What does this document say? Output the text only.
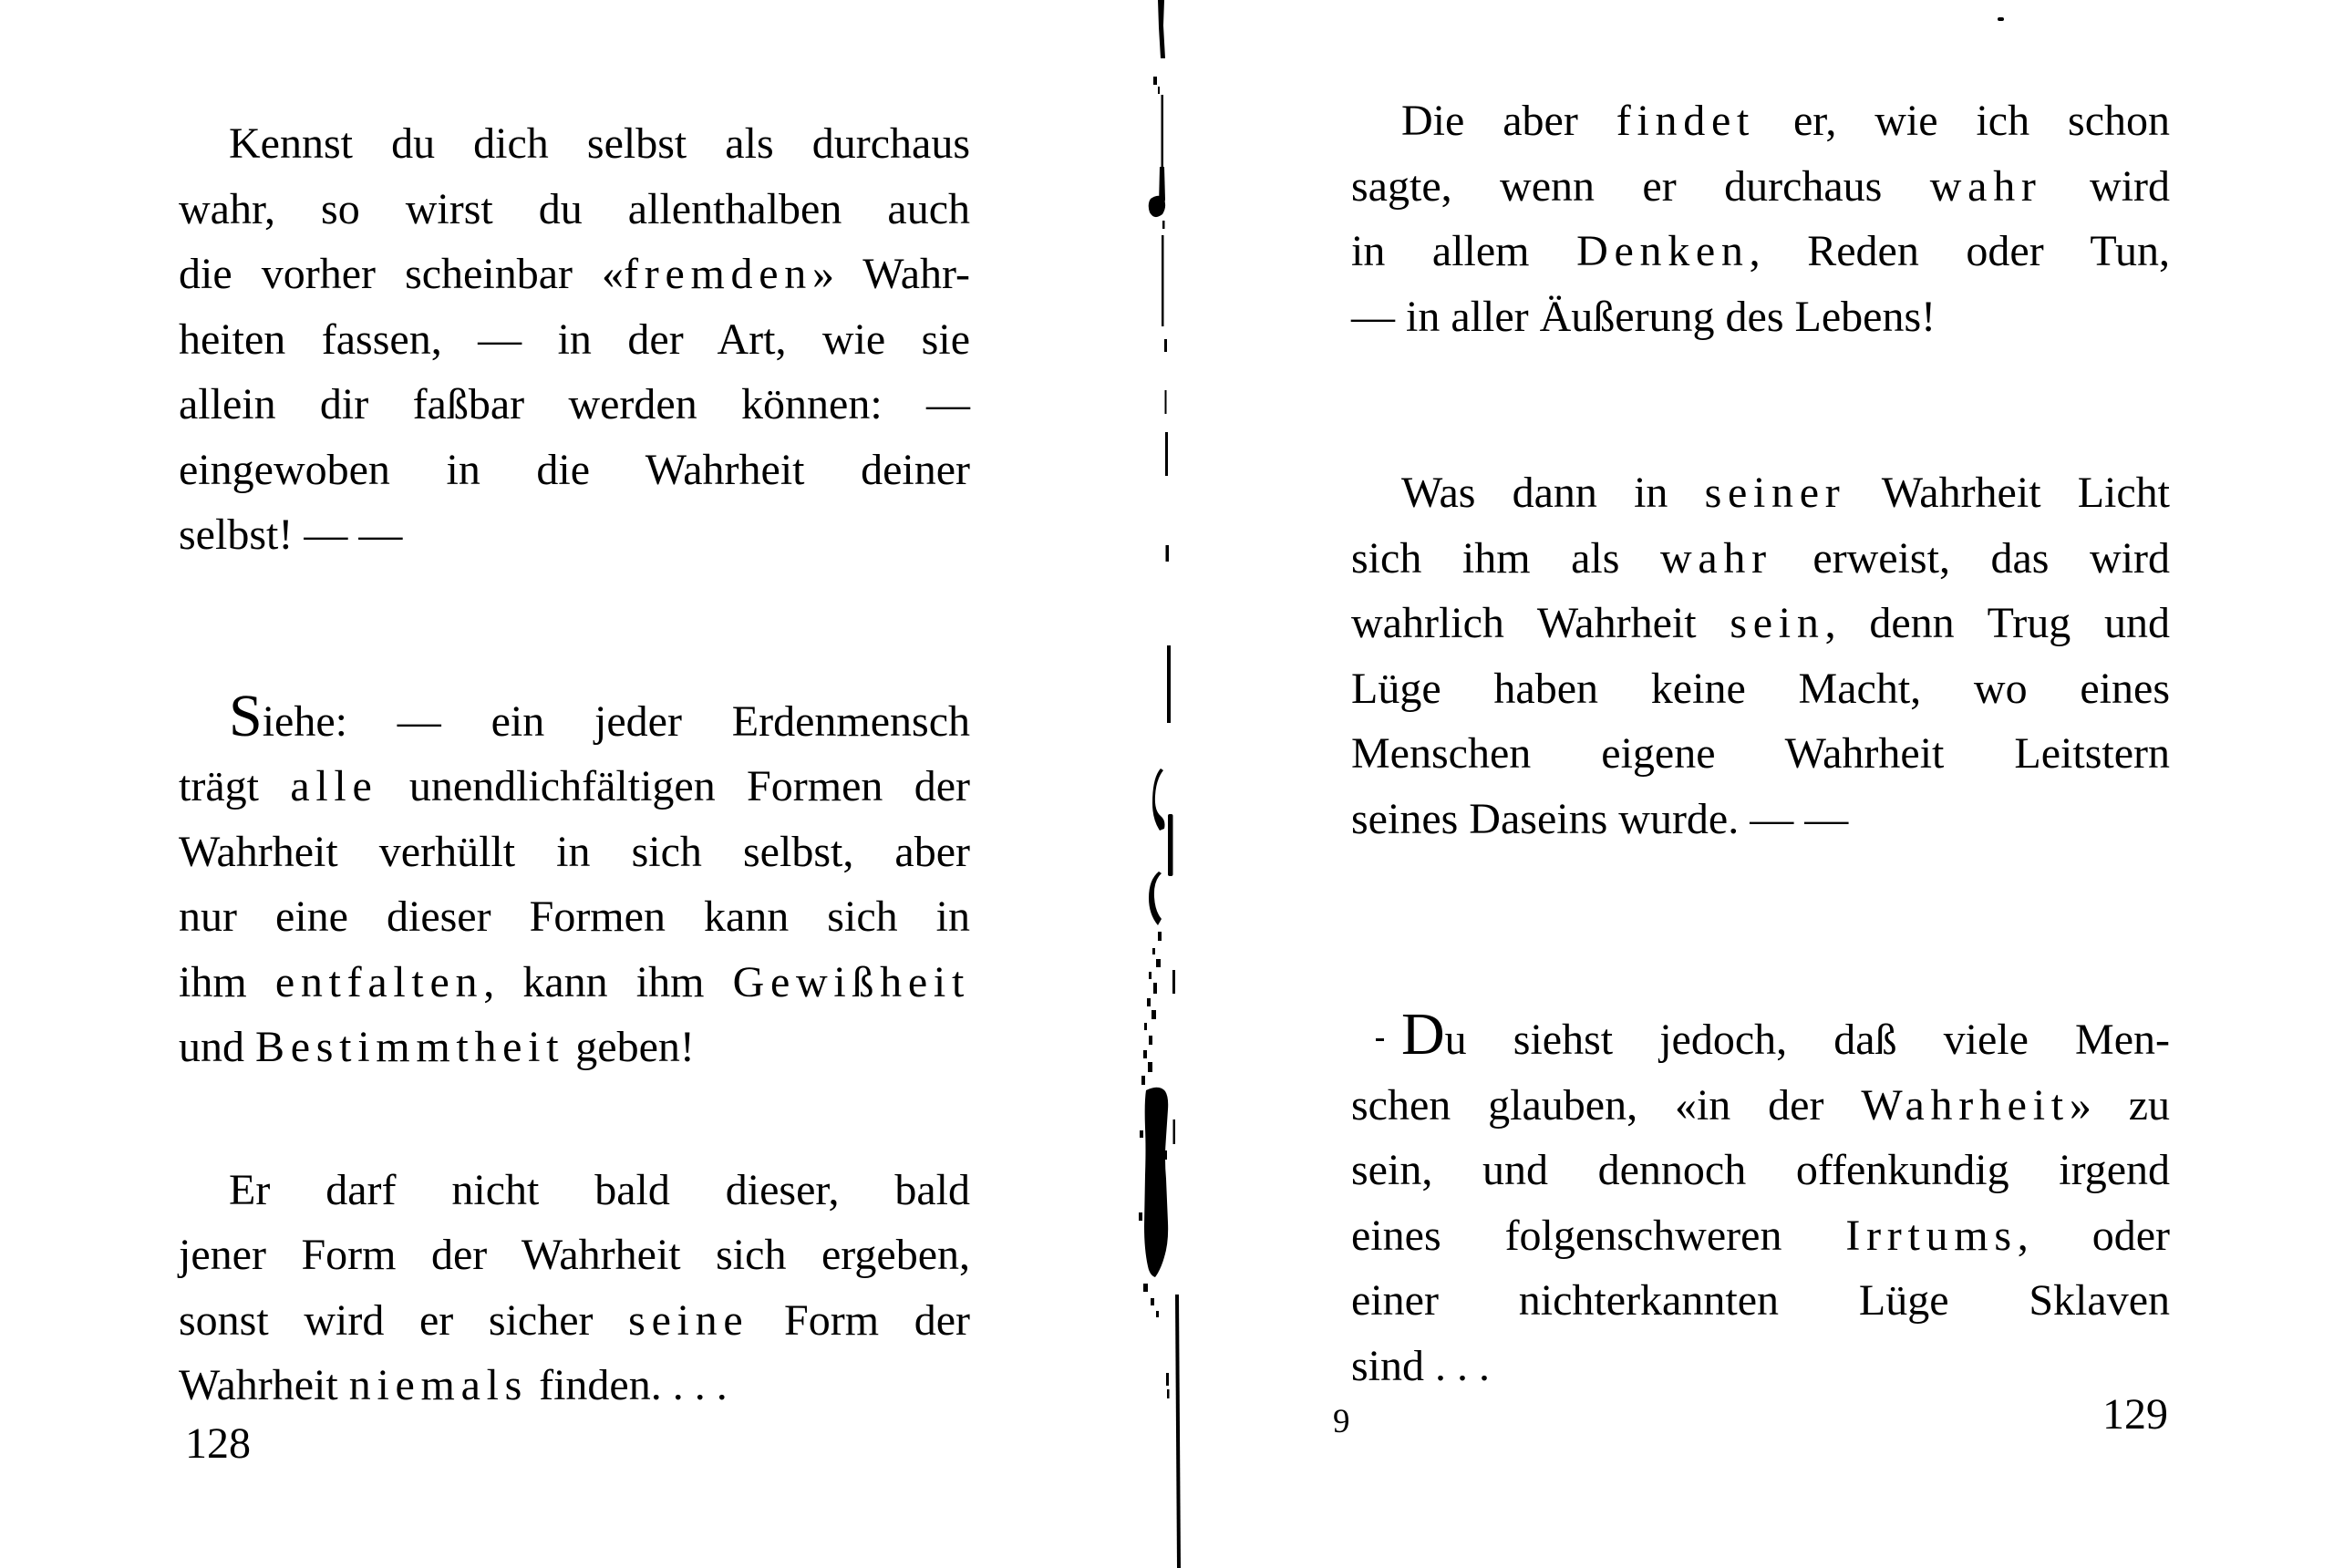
Kennst du dich selbst als durchaus
wahr, so wirst du allenthalben auch
die vorher scheinbar «fremden» Wahr-
heiten fassen, — in der Art, wie sie
allein dir faßbar werden können: —
eingewoben in die Wahrheit deiner
selbst! — —
Siehe: — ein jeder Erdenmensch
trägt alle unendlichfältigen Formen der
Wahrheit verhüllt in sich selbst, aber
nur eine dieser Formen kann sich in
ihm entfalten, kann ihm Gewißheit
und Bestimmtheit geben!
Er darf nicht bald dieser, bald
jener Form der Wahrheit sich ergeben,
sonst wird er sicher seine Form der
Wahrheit niemals finden. . . .
Die aber findet er, wie ich schon
sagte, wenn er durchaus wahr wird
in allem Denken, Reden oder Tun,
— in aller Äußerung des Lebens!
Was dann in seiner Wahrheit Licht
sich ihm als wahr erweist, das wird
wahrlich Wahrheit sein, denn Trug und
Lüge haben keine Macht, wo eines
Menschen eigene Wahrheit Leitstern
seines Daseins wurde. — —
Du siehst jedoch, daß viele Men-
schen glauben, «in der Wahrheit» zu
sein, und dennoch offenkundig irgend
eines folgenschweren Irrtums, oder
einer nichterkannten Lüge Sklaven
sind . . .
128	9	129
